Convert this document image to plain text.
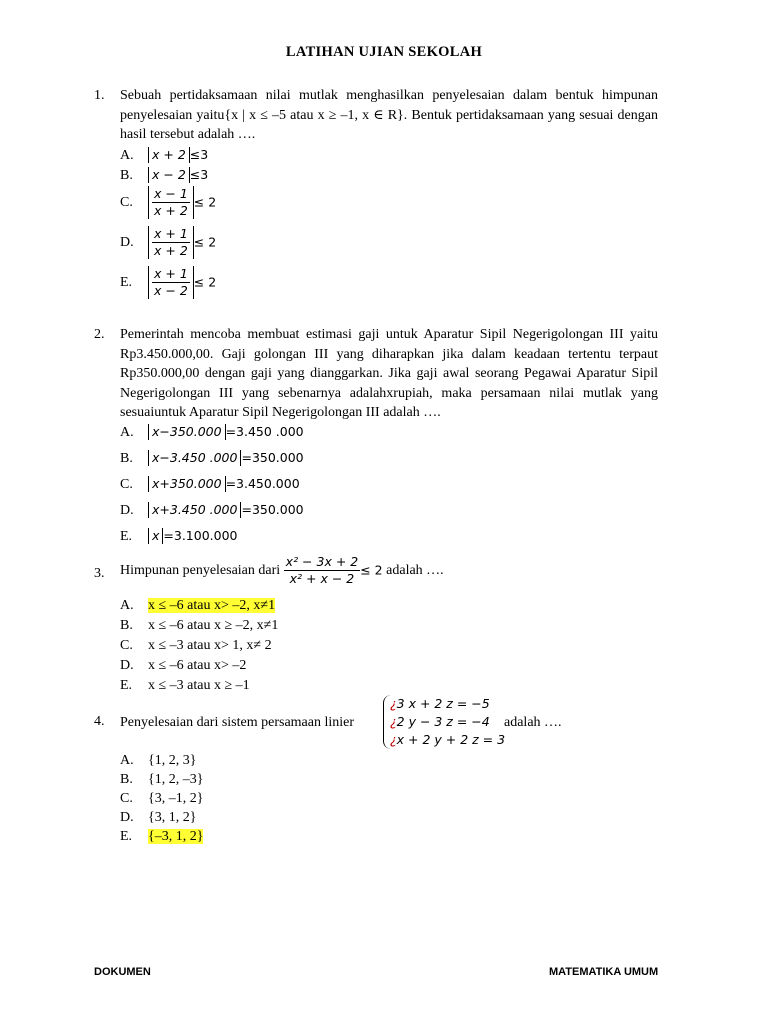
LATIHAN UJIAN SEKOLAH
1. Sebuah pertidaksamaan nilai mutlak menghasilkan penyelesaian dalam bentuk himpunan penyelesaian yaitu{x | x ≤ –5 atau x ≥ –1, x ∈ R}. Bentuk pertidaksamaan yang sesuai dengan hasil tersebut adalah ….
A. x + 2 ≤3
B. x − 2 ≤3
C. $\frac{x - 1}{x + 2} \le 2$
D. $\frac{x + 1}{x + 2} \le 2$
E. $\frac{x + 1}{x - 2} \le 2$
2. Pemerintah mencoba membuat estimasi gaji untuk Aparatur Sipil Negerigolongan III yaitu Rp3.450.000,00. Gaji golongan III yang diharapkan jika dalam keadaan tertentu terpaut Rp350.000,00 dengan gaji yang dianggarkan. Jika gaji awal seorang Pegawai Aparatur Sipil Negerigolongan III yang sebenarnya adalahxrupiah, maka persamaan nilai mutlak yang sesuaiuntuk Aparatur Sipil Negerigolongan III adalah ….
A. x−350.000 =3.450 .000
B. x−3.450 .000 =350.000
C. x+350.000 =3.450.000
D. x+3.450 .000 =350.000
E. x =3.100.000
3. Himpunan penyelesaian dari $\frac{\text{x² − 3x + 2}}{\text{x² + x − 2}} \le 2$ adalah ….
A. x ≤ –6 atau x> –2, x≠1
B. x ≤ –6 atau x ≥ –2, x≠1
C. x ≤ –3 atau x> 1, x≠ 2
D. x ≤ –6 atau x> –2
E. x ≤ –3 atau x ≥ –1
4. Penyelesaian dari sistem persamaan linier
¿3 x + 2 z = −5
¿2 y − 3 z = −4
¿x + 2 y + 2 z = 3
adalah ….
A. {1, 2, 3}
B. {1, 2, –3}
C. {3, –1, 2}
D. {3, 1, 2}
E. {–3, 1, 2}
DOKUMEN	MATEMATIKA UMUM
